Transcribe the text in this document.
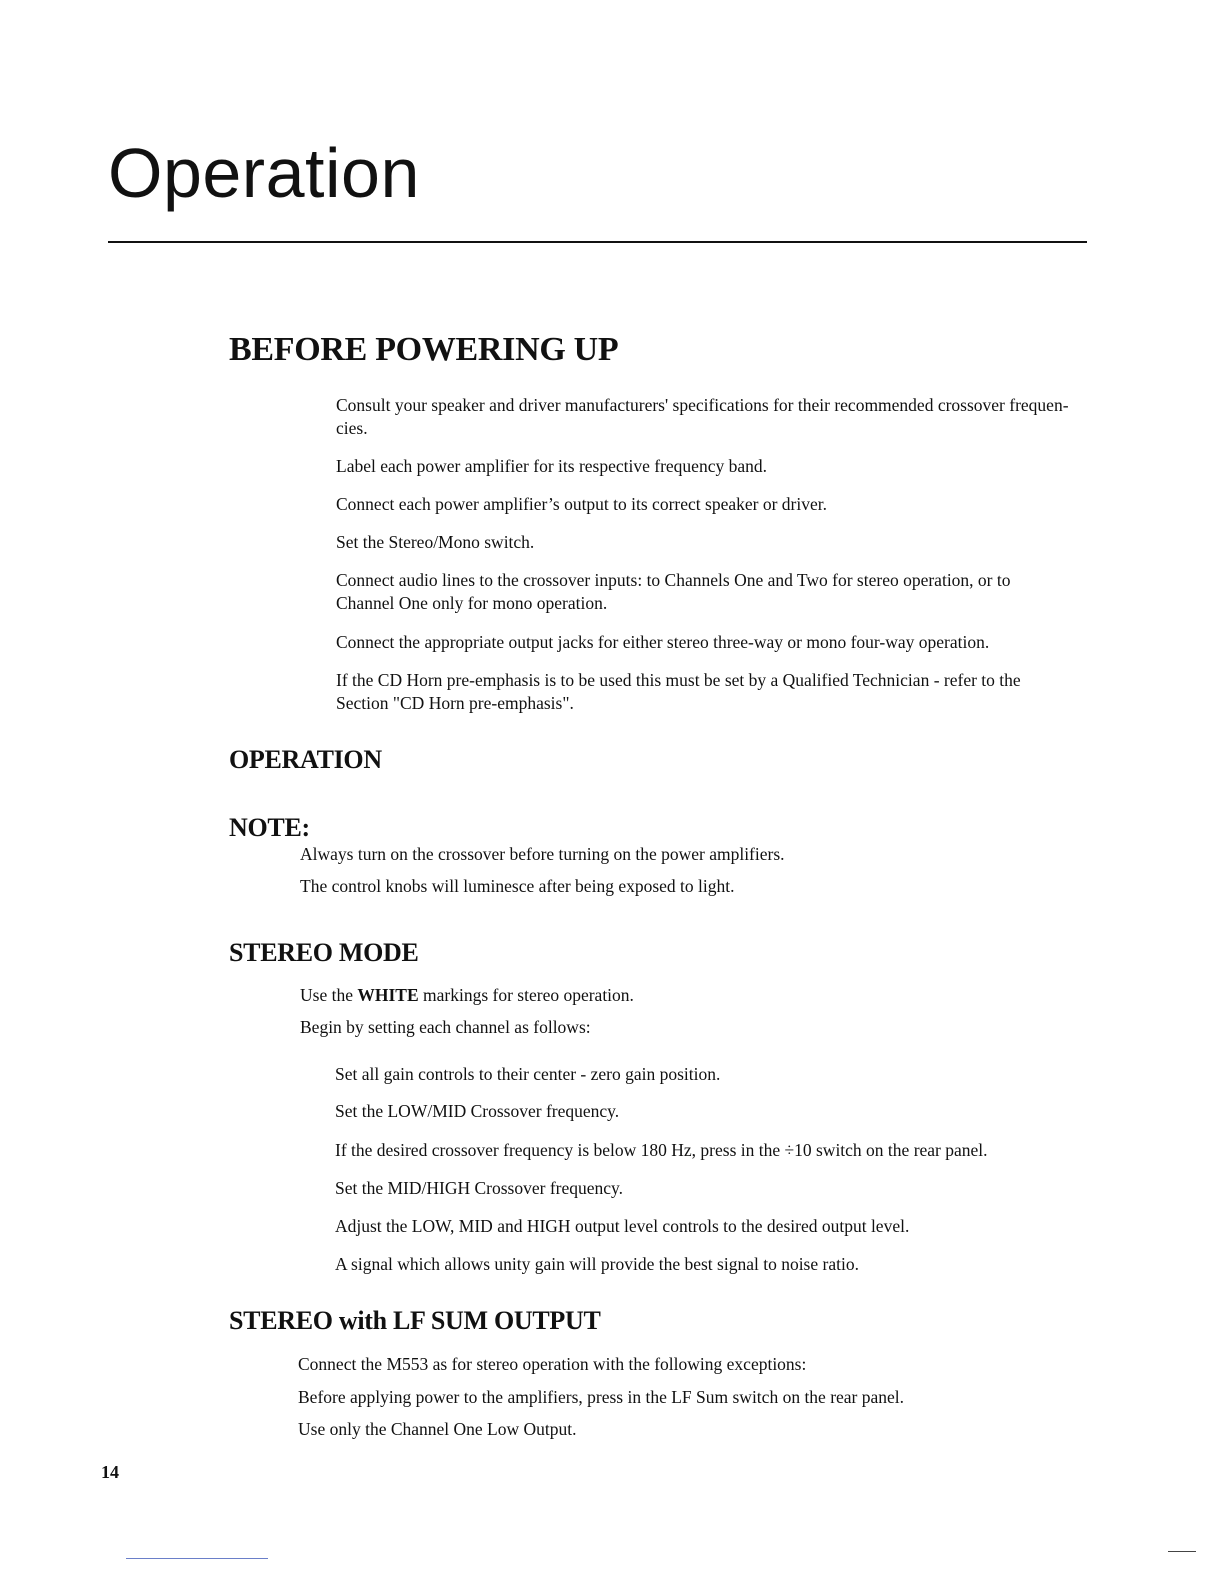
Operation
BEFORE POWERING UP

Consult your speaker and driver manufacturers' specifications for their recommended crossover frequen-
cies.

Label each power amplifier for its respective frequency band.

Connect each power amplifier’s output to its correct speaker or driver.

Set the Stereo/Mono switch.

Connect audio lines to the crossover inputs: to Channels One and Two for stereo operation, or to
Channel One only for mono operation.

Connect the appropriate output jacks for either stereo three-way or mono four-way operation.

If the CD Horn pre-emphasis is to be used this must be set by a Qualified Technician - refer to the
Section "CD Horn pre-emphasis".

OPERATION
NOTE:

Always turn on the crossover before turning on the power amplifiers.

The control knobs will luminesce after being exposed to light.

STEREO MODE

Use the WHITE markings for stereo operation.

Begin by setting each channel as follows:

Set all gain controls to their center - zero gain position.

Set the LOW/MID Crossover frequency.

If the desired crossover frequency is below 180 Hz, press in the ÷10 switch on the rear panel.

Set the MID/HIGH Crossover frequency.

Adjust the LOW, MID and HIGH output level controls to the desired output level.

A signal which allows unity gain will provide the best signal to noise ratio.

STEREO with LF SUM OUTPUT

Connect the M553 as for stereo operation with the following exceptions:

Before applying power to the amplifiers, press in the LF Sum switch on the rear panel.

Use only the Channel One Low Output.

14
